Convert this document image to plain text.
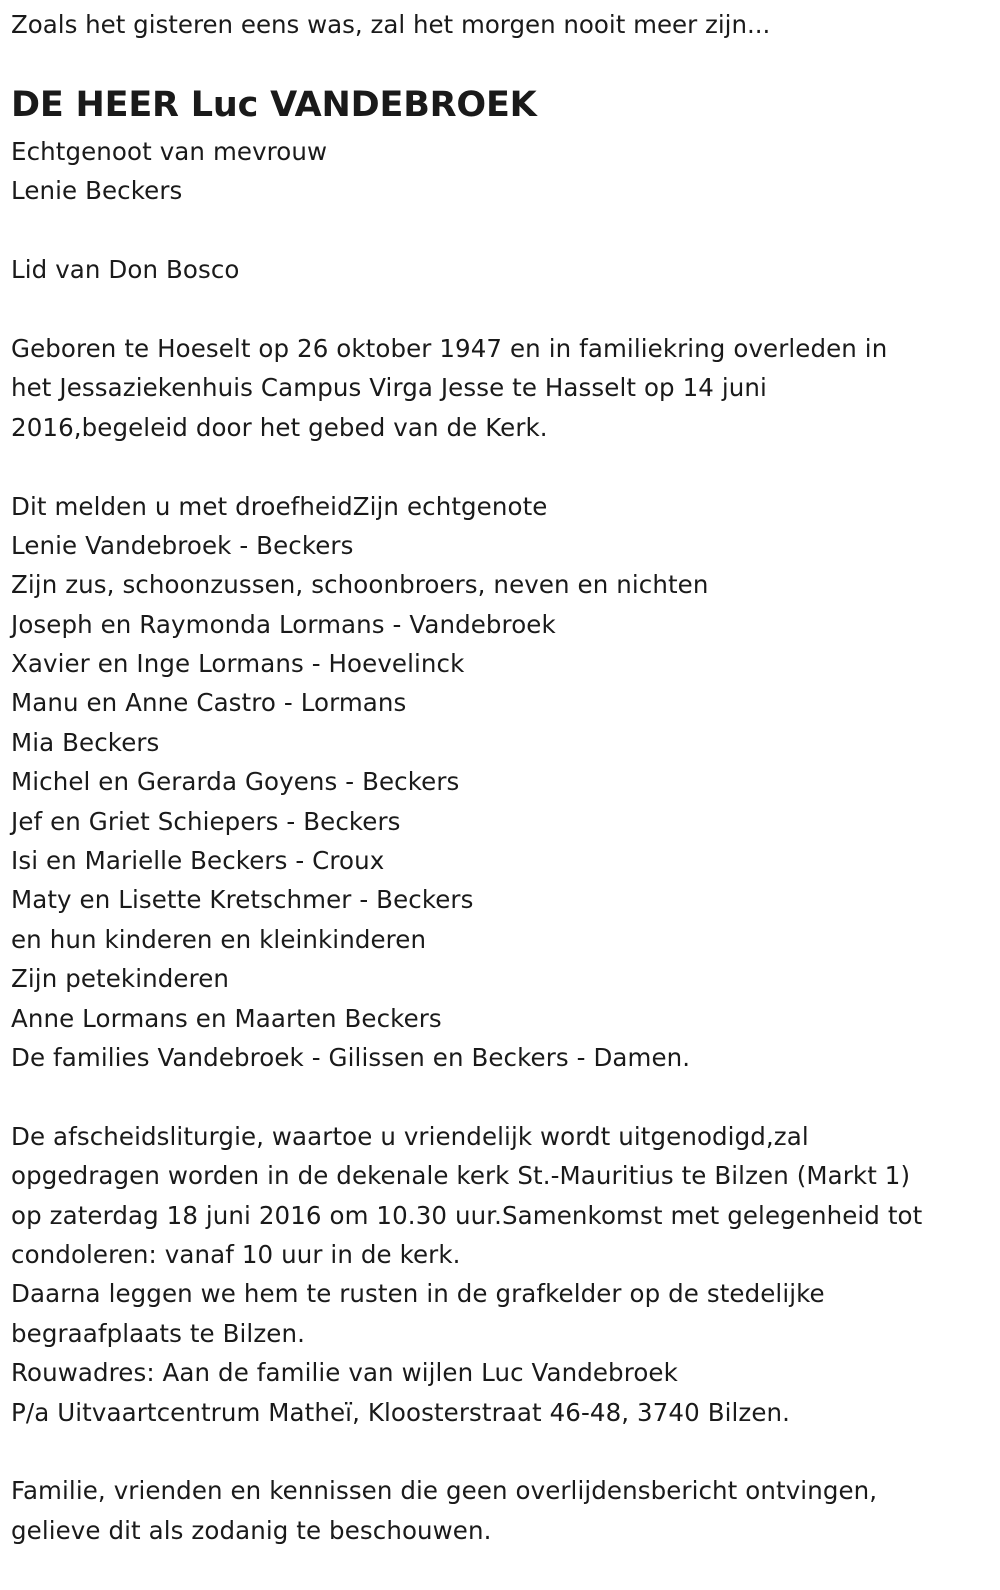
Zoals het gisteren eens was, zal het morgen nooit meer zijn...
DE HEER Luc VANDEBROEK
Echtgenoot van mevrouw
Lenie Beckers
Lid van Don Bosco
Geboren te Hoeselt op 26 oktober 1947 en in familiekring overleden in
het Jessaziekenhuis Campus Virga Jesse te Hasselt op 14 juni
2016,begeleid door het gebed van de Kerk.
Dit melden u met droefheidZijn echtgenote
Lenie Vandebroek - Beckers
Zijn zus, schoonzussen, schoonbroers, neven en nichten
Joseph en Raymonda Lormans - Vandebroek
Xavier en Inge Lormans - Hoevelinck
Manu en Anne Castro - Lormans
Mia Beckers
Michel en Gerarda Goyens - Beckers
Jef en Griet Schiepers - Beckers
Isi en Marielle Beckers - Croux
Maty en Lisette Kretschmer - Beckers
en hun kinderen en kleinkinderen
Zijn petekinderen
Anne Lormans en Maarten Beckers
De families Vandebroek - Gilissen en Beckers - Damen.
De afscheidsliturgie, waartoe u vriendelijk wordt uitgenodigd,zal
opgedragen worden in de dekenale kerk St.-Mauritius te Bilzen (Markt 1)
op zaterdag 18 juni 2016 om 10.30 uur.Samenkomst met gelegenheid tot
condoleren: vanaf 10 uur in de kerk.
Daarna leggen we hem te rusten in de grafkelder op de stedelijke
begraafplaats te Bilzen.
Rouwadres: Aan de familie van wijlen Luc Vandebroek
P/a Uitvaartcentrum Matheï, Kloosterstraat 46-48, 3740 Bilzen.
Familie, vrienden en kennissen die geen overlijdensbericht ontvingen,
gelieve dit als zodanig te beschouwen.
